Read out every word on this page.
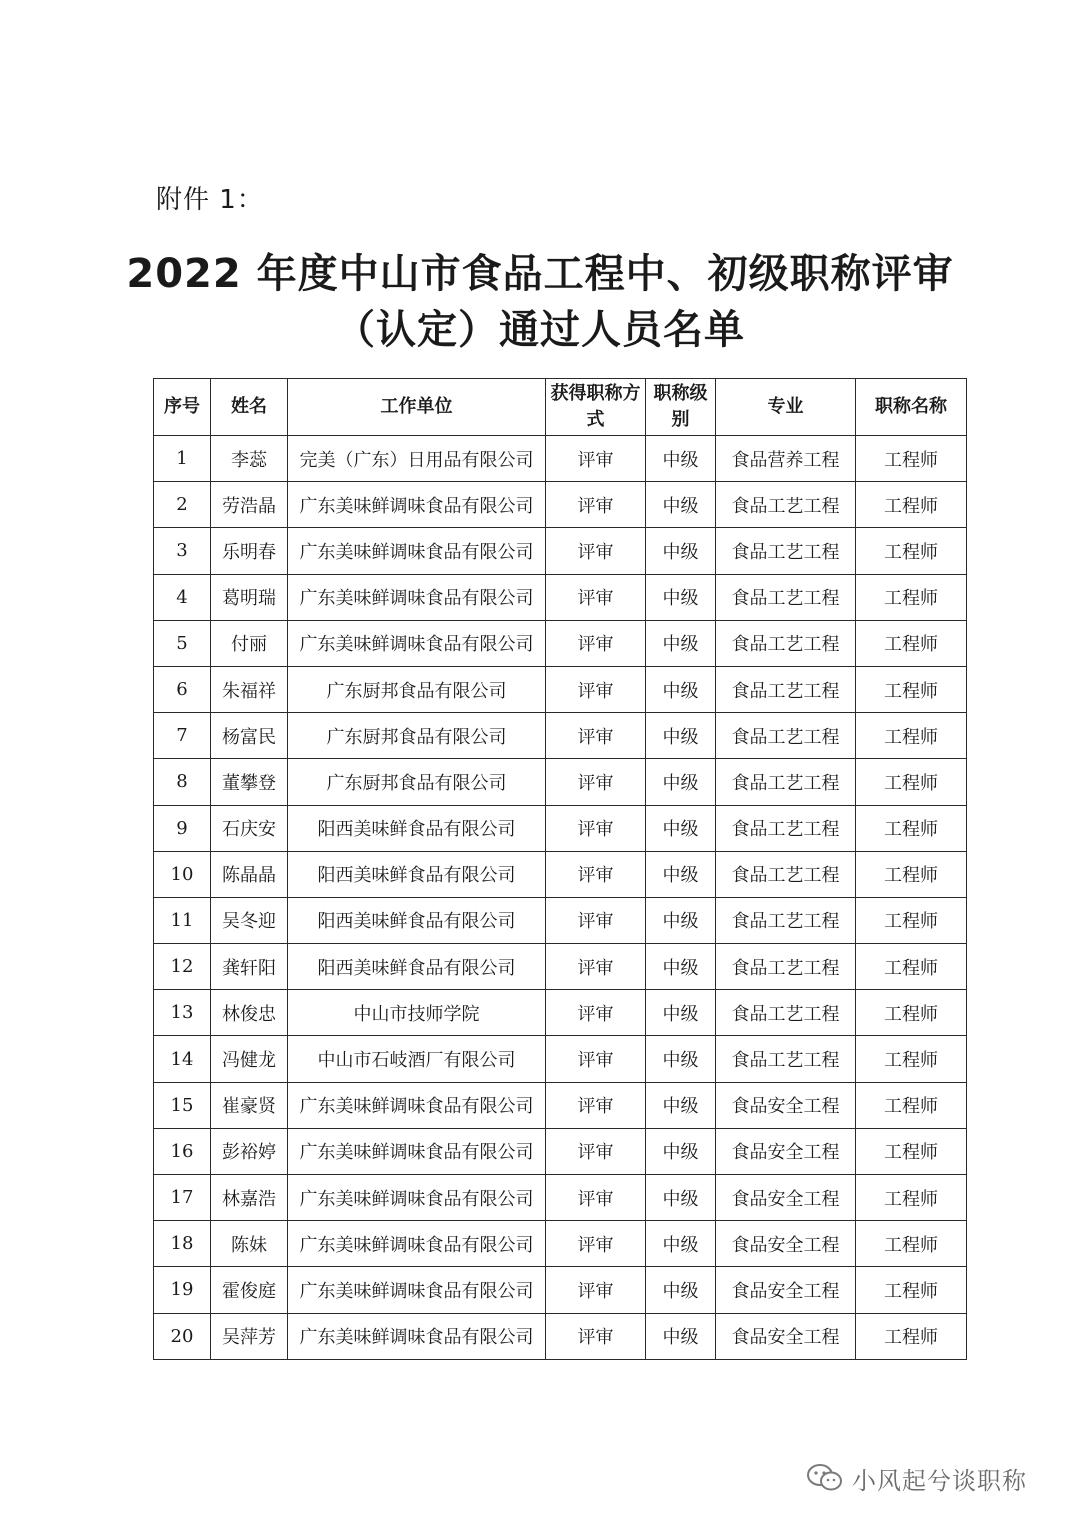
附件 1：
2022 年度中山市食品工程中、初级职称评审
（认定）通过人员名单
序号	姓名	工作单位	获得职称方式	职称级别	专业	职称名称
1	李蕊	完美（广东）日用品有限公司	评审	中级	食品营养工程	工程师
2	劳浩晶	广东美味鲜调味食品有限公司	评审	中级	食品工艺工程	工程师
3	乐明春	广东美味鲜调味食品有限公司	评审	中级	食品工艺工程	工程师
4	葛明瑞	广东美味鲜调味食品有限公司	评审	中级	食品工艺工程	工程师
5	付丽	广东美味鲜调味食品有限公司	评审	中级	食品工艺工程	工程师
6	朱福祥	广东厨邦食品有限公司	评审	中级	食品工艺工程	工程师
7	杨富民	广东厨邦食品有限公司	评审	中级	食品工艺工程	工程师
8	董攀登	广东厨邦食品有限公司	评审	中级	食品工艺工程	工程师
9	石庆安	阳西美味鲜食品有限公司	评审	中级	食品工艺工程	工程师
10	陈晶晶	阳西美味鲜食品有限公司	评审	中级	食品工艺工程	工程师
11	吴冬迎	阳西美味鲜食品有限公司	评审	中级	食品工艺工程	工程师
12	龚轩阳	阳西美味鲜食品有限公司	评审	中级	食品工艺工程	工程师
13	林俊忠	中山市技师学院	评审	中级	食品工艺工程	工程师
14	冯健龙	中山市石岐酒厂有限公司	评审	中级	食品工艺工程	工程师
15	崔豪贤	广东美味鲜调味食品有限公司	评审	中级	食品安全工程	工程师
16	彭裕婷	广东美味鲜调味食品有限公司	评审	中级	食品安全工程	工程师
17	林嘉浩	广东美味鲜调味食品有限公司	评审	中级	食品安全工程	工程师
18	陈妹	广东美味鲜调味食品有限公司	评审	中级	食品安全工程	工程师
19	霍俊庭	广东美味鲜调味食品有限公司	评审	中级	食品安全工程	工程师
20	吴萍芳	广东美味鲜调味食品有限公司	评审	中级	食品安全工程	工程师
小风起兮谈职称
